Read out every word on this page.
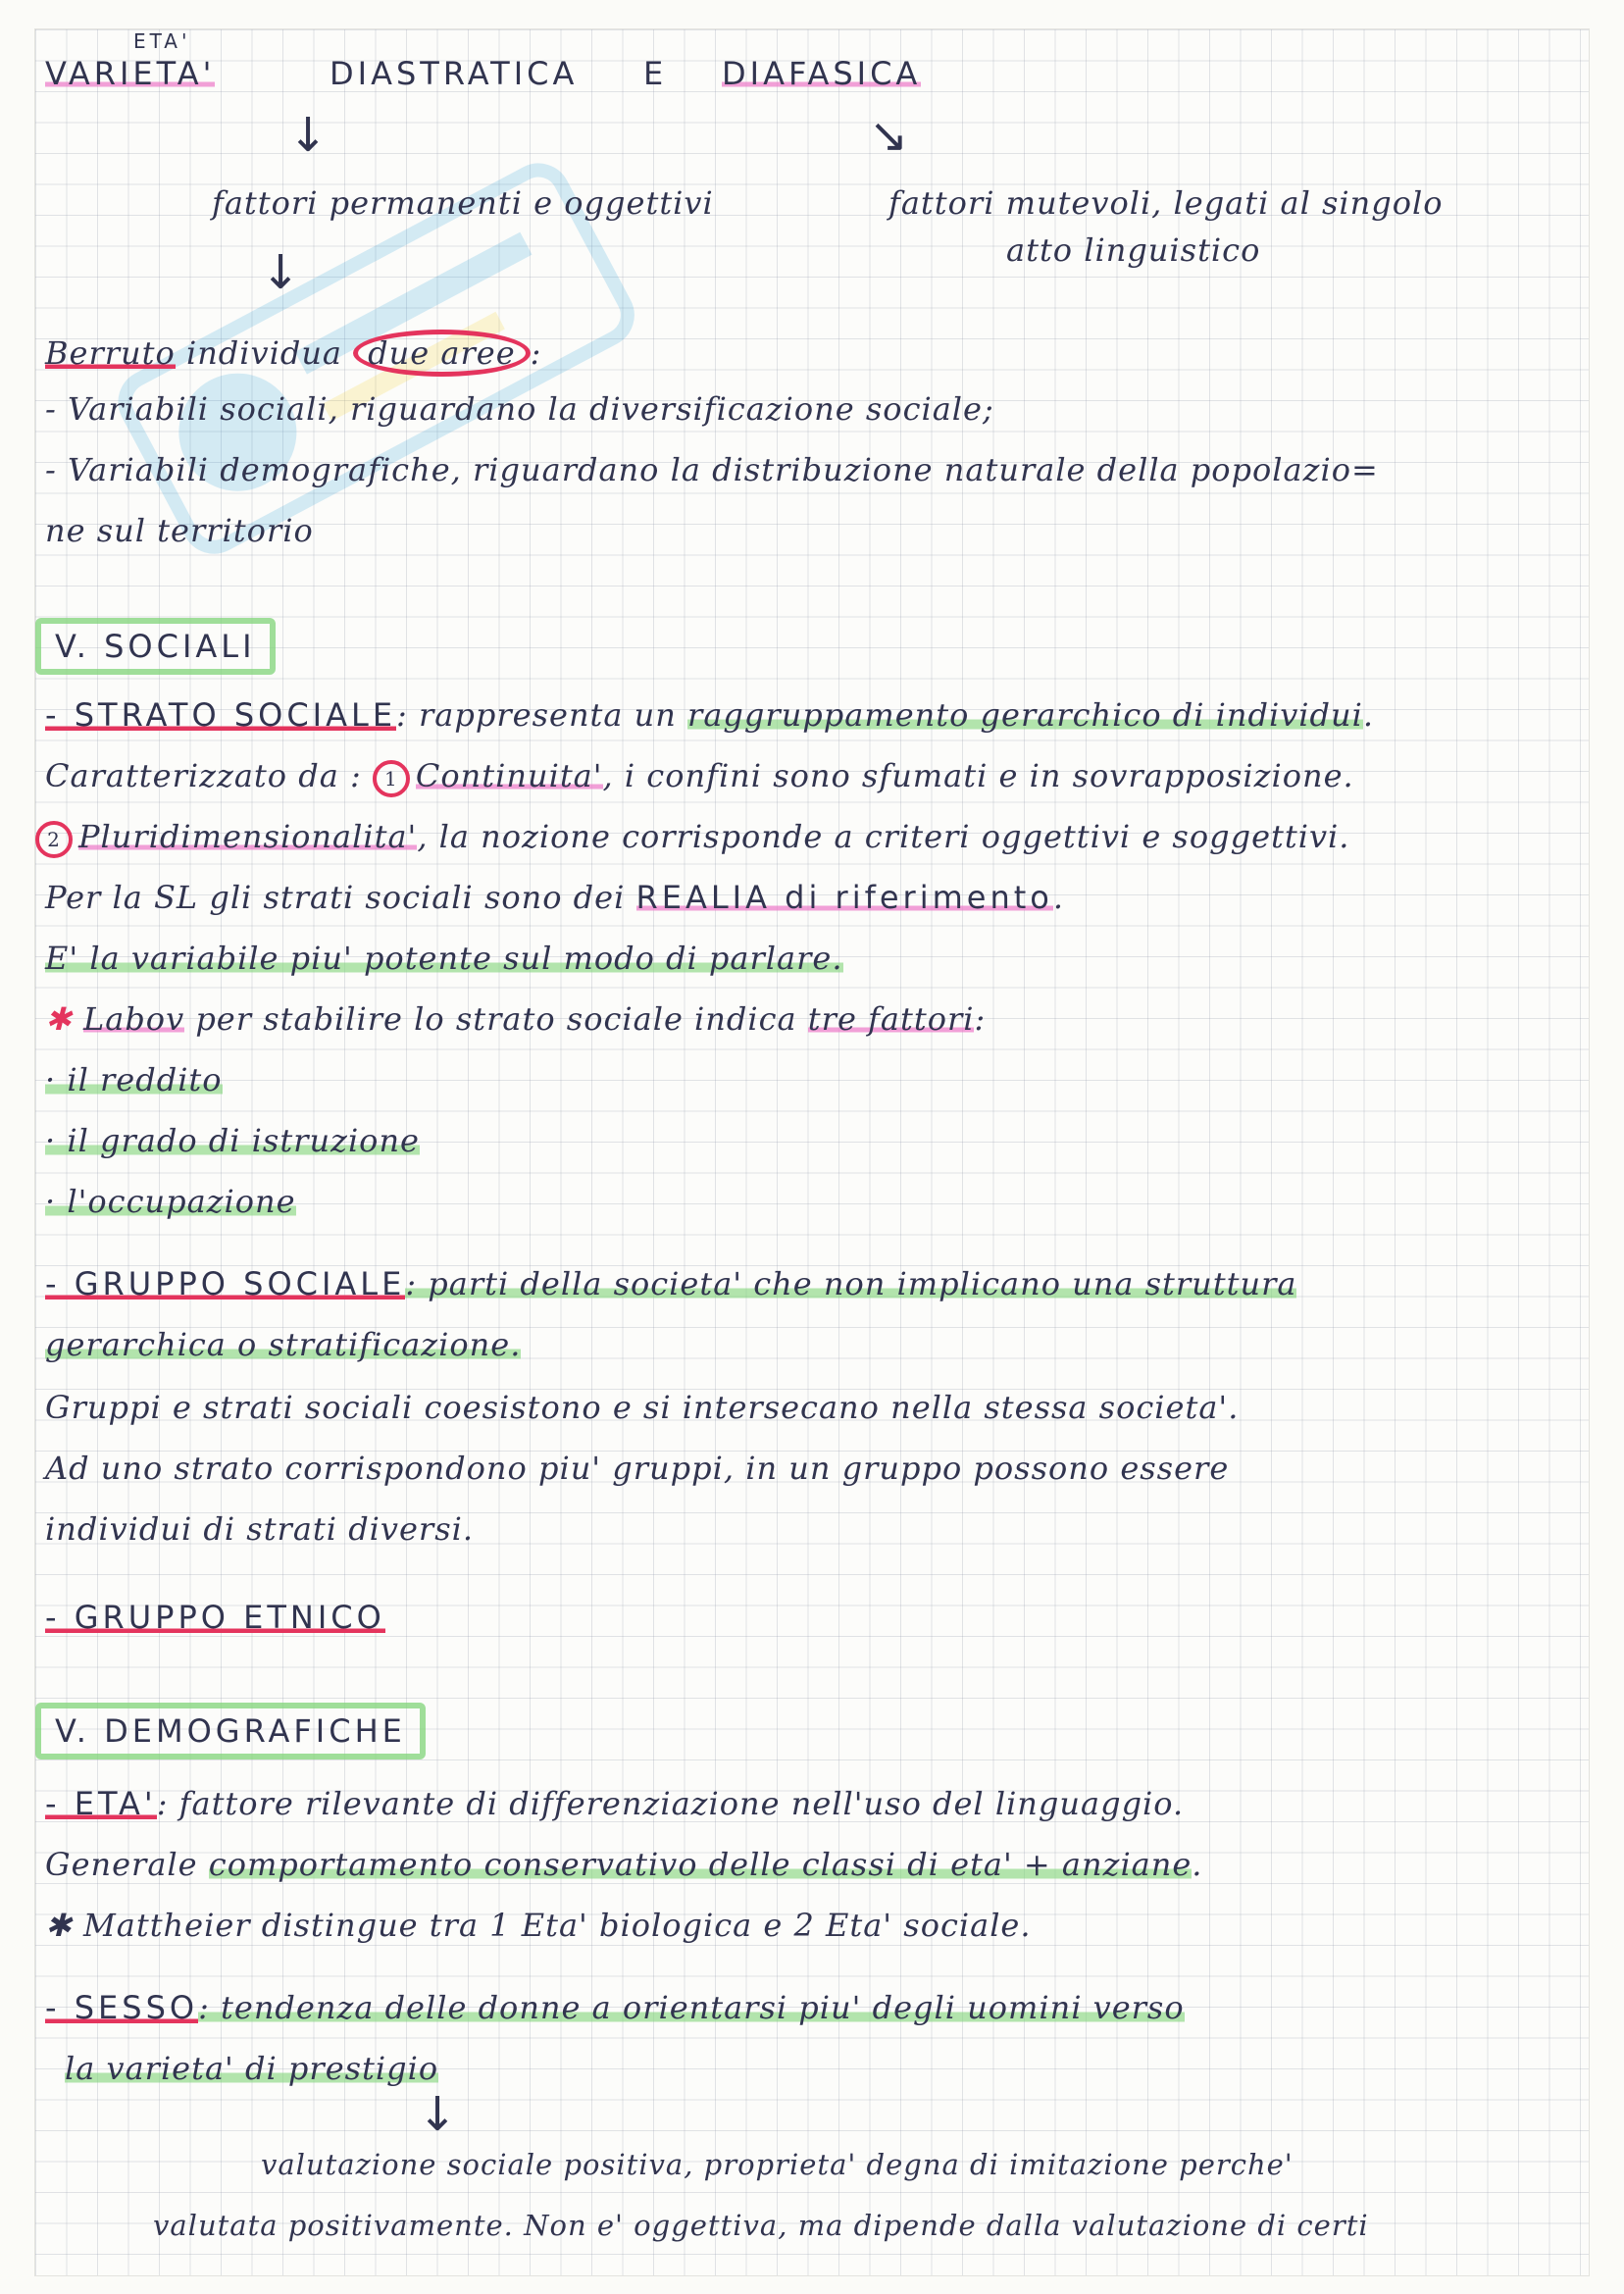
ETA'
VARIETA'	DIASTRATICA E DIAFASICA
↓	↘
fattori permanenti e oggettivi	fattori mutevoli, legati al singolo
atto linguistico
↓
Berruto individua due aree :
- Variabili sociali, riguardano la diversificazione sociale;
- Variabili demografiche, riguardano la distribuzione naturale della popolazio=
ne sul territorio
V. SOCIALI
- STRATO SOCIALE: rappresenta un raggruppamento gerarchico di individui.
Caratterizzato da : 1 Continuita', i confini sono sfumati e in sovrapposizione.
2 Pluridimensionalita', la nozione corrisponde a criteri oggettivi e soggettivi.
Per la SL gli strati sociali sono dei REALIA di riferimento.
E' la variabile piu' potente sul modo di parlare.
✱ Labov per stabilire lo strato sociale indica tre fattori:
· il reddito
· il grado di istruzione
· l'occupazione
- GRUPPO SOCIALE: parti della societa' che non implicano una struttura
gerarchica o stratificazione.
Gruppi e strati sociali coesistono e si intersecano nella stessa societa'.
Ad uno strato corrispondono piu' gruppi, in un gruppo possono essere
individui di strati diversi.
- GRUPPO ETNICO
V. DEMOGRAFICHE
- ETA': fattore rilevante di differenziazione nell'uso del linguaggio.
Generale comportamento conservativo delle classi di eta' + anziane.
✱ Mattheier distingue tra 1 Eta' biologica e 2 Eta' sociale.
- SESSO: tendenza delle donne a orientarsi piu' degli uomini verso
la varieta' di prestigio
↓
valutazione sociale positiva, proprieta' degna di imitazione perche'
valutata positivamente. Non e' oggettiva, ma dipende dalla valutazione di certi
